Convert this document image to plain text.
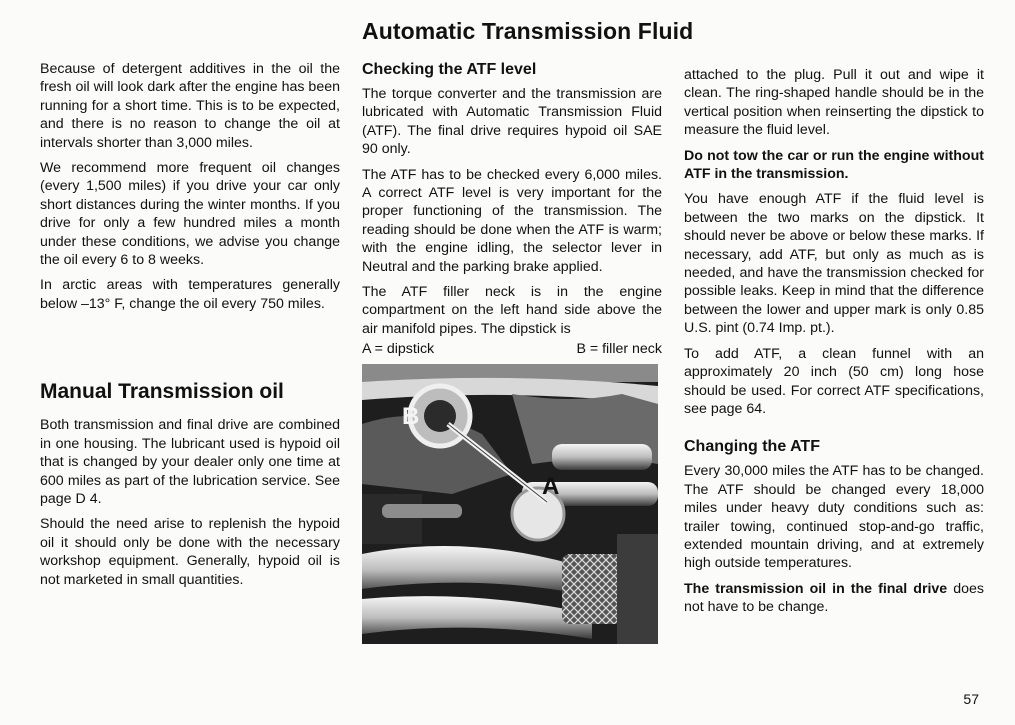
Automatic Transmission Fluid

Because of detergent additives in the oil the fresh oil will look dark after the engine has been running for a short time. This is to be expected, and there is no reason to change the oil at intervals shorter than 3,000 miles.

We recommend more frequent oil changes (every 1,500 miles) if you drive your car only short distances during the winter months. If you drive for only a few hundred miles a month under these conditions, we advise you change the oil every 6 to 8 weeks.

In arctic areas with temperatures generally below –13° F, change the oil every 750 miles.

Manual Transmission oil

Both transmission and final drive are combined in one housing. The lubricant used is hypoid oil that is changed by your dealer only one time at 600 miles as part of the lubrication service. See page D 4.

Should the need arise to replenish the hypoid oil it should only be done with the necessary workshop equipment. Generally, hypoid oil is not marketed in small quantities.

Checking the ATF level

The torque converter and the transmission are lubricated with Automatic Transmission Fluid (ATF). The final drive requires hypoid oil SAE 90 only.

The ATF has to be checked every 6,000 miles. A correct ATF level is very important for the proper functioning of the transmission. The reading should be done when the ATF is warm; with the engine idling, the selector lever in Neutral and the parking brake applied.

The ATF filler neck is in the engine compartment on the left hand side above the air manifold pipes. The dipstick is

A = dipstick	B = filler neck
B
A

attached to the plug. Pull it out and wipe it clean. The ring-shaped handle should be in the vertical position when reinserting the dipstick to measure the fluid level.

Do not tow the car or run the engine without ATF in the transmission.

You have enough ATF if the fluid level is between the two marks on the dipstick. It should never be above or below these marks. If necessary, add ATF, but only as much as is needed, and have the transmission checked for possible leaks. Keep in mind that the difference between the lower and upper mark is only 0.85 U.S. pint (0.74 Imp. pt.).

To add ATF, a clean funnel with an approximately 20 inch (50 cm) long hose should be used. For correct ATF specifications, see page 64.

Changing the ATF

Every 30,000 miles the ATF has to be changed. The ATF should be changed every 18,000 miles under heavy duty conditions such as: trailer towing, continued stop-and-go traffic, extended mountain driving, and at extremely high outside temperatures.

The transmission oil in the final drive does not have to be change.

57
